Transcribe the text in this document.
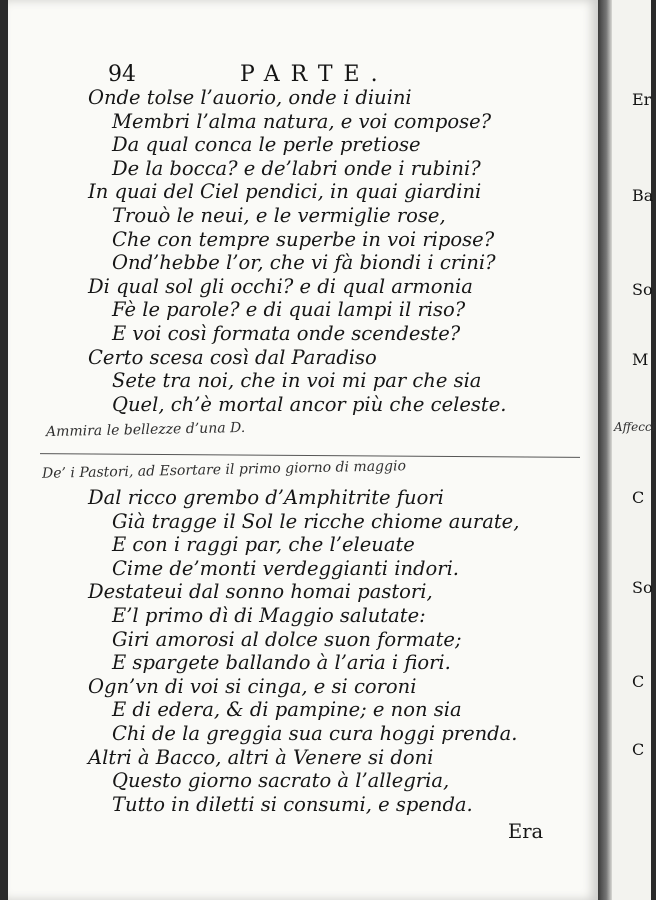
94	PARTE.
Onde tolse l’auorio, onde i diuini
Membri l’alma natura, e voi compose?
Da qual conca le perle pretiose
De la bocca? e de’labri onde i rubini?
In quai del Ciel pendici, in quai giardini
Trouò le neui, e le vermiglie rose,
Che con tempre superbe in voi ripose?
Ond’hebbe l’or, che vi fà biondi i crini?
Di qual sol gli occhi? e di qual armonia
Fè le parole? e di quai lampi il riso?
E voi così formata onde scendeste?
Certo scesa così dal Paradiso
Sete tra noi, che in voi mi par che sia
Quel, ch’è mortal ancor più che celeste.
Ammira le bellezze d’una D.
De’ i Pastori, ad Esortare il primo giorno di maggio
Dal ricco grembo d’Amphitrite fuori
Già tragge il Sol le ricche chiome aurate,
E con i raggi par, che l’eleuate
Cime de’monti verdeggianti indori.
Destateui dal sonno homai pastori,
E’l primo dì di Maggio salutate:
Giri amorosi al dolce suon formate;
E spargete ballando à l’aria i fiori.
Ogn’vn di voi si cinga, e si coroni
E di edera, & di pampine; e non sia
Chi de la greggia sua cura hoggi prenda.
Altri à Bacco, altri à Venere si doni
Questo giorno sacrato à l’allegria,
Tutto in diletti si consumi, e spenda.
Era
Er
Ba
So
M
Affecci
C
So
C
C
